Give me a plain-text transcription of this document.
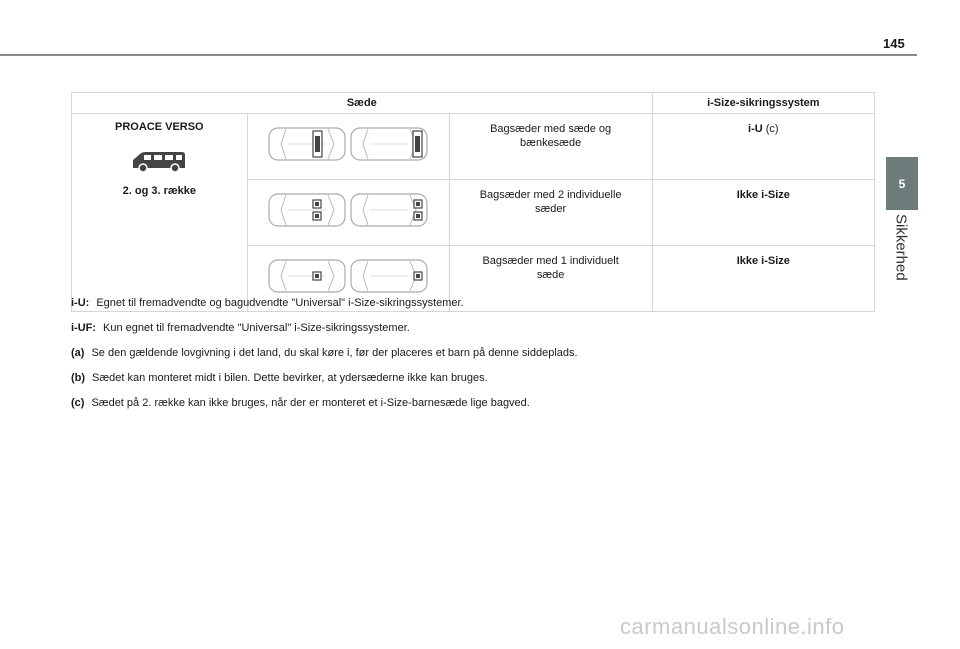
145
5
Sikkerhed
Sæde			i-Size-sikringssystem

PROACE VERSO
2. og 3. række		Bagsæder med sæde og bænkesæde	i-U (c)

Bagsæder med 2 individuelle sæder	Ikke i-Size

Bagsæder med 1 individuelt sæde	Ikke i-Size

i-U: Egnet til fremadvendte og bagudvendte "Universal" i-Size-sikringssystemer.

i-UF: Kun egnet til fremadvendte "Universal" i-Size-sikringssystemer.

(a) Se den gældende lovgivning i det land, du skal køre i, før der placeres et barn på denne siddeplads.

(b) Sædet kan monteret midt i bilen. Dette bevirker, at ydersæderne ikke kan bruges.

(c) Sædet på 2. række kan ikke bruges, når der er monteret et i-Size-barnesæde lige bagved.

carmanualsonline.info
